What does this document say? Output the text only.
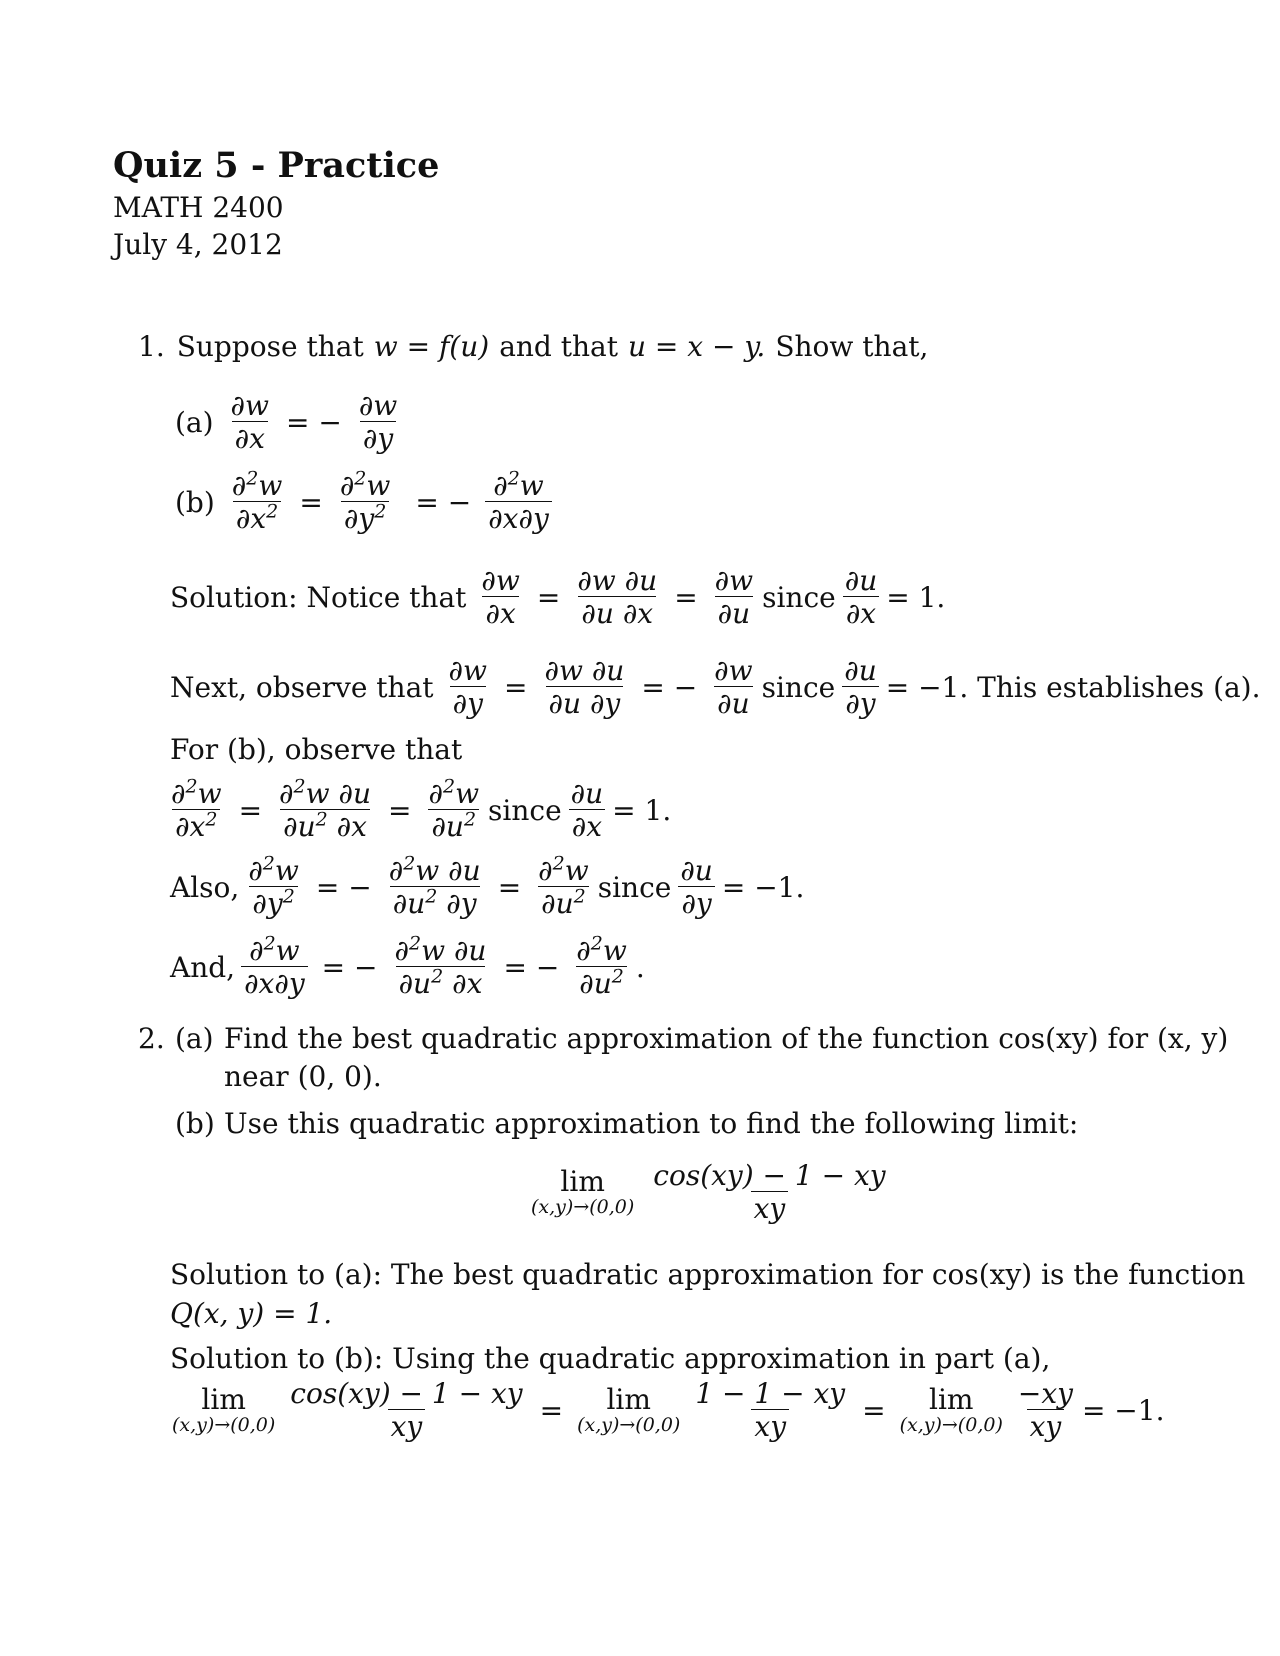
Quiz 5 - Practice
MATH 2400
July 4, 2012
1. Suppose that w = f(u) and that u = x − y. Show that,
$(a) \frac{\partial w}{\partial x}$ = − $\frac{\partial w}{\partial y}$
$(b) \frac{\partial^2w}{\partial x^2} = \frac{\partial^2w}{\partial y^2}$ = − $\frac{\partial^2w}{\partial x\partial y}$
Solution: Notice that $\frac{\partial w}{\partial x} = \frac{\partial w \partial u}{\partial u \partial x} = \frac{\partial w}{\partial u}$ since $\frac{\partial u}{\partial x} = 1$.
Next, observe that $\frac{\partial w}{\partial y} = \frac{\partial w \partial u}{\partial u \partial y}$ = − $\frac{\partial w}{\partial u}$ since $\frac{\partial u}{\partial y} = -1$. This establishes (a).
For (b), observe that
$\frac{\partial^2w}{\partial x^2} = \frac{\partial^2w \partial u}{\partial u^2 \partial x} = \frac{\partial^2w}{\partial u^2}$ since $\frac{\partial u}{\partial x} = 1$.
Also, $\frac{\partial^2w}{\partial y^2}$ = − $\frac{\partial^2w \partial u}{\partial u^2 \partial y} = \frac{\partial^2w}{\partial u^2}$ since $\frac{\partial u}{\partial y} = -1$.
And, $\frac{\partial^2w}{\partial x\partial y}$ = − $\frac{\partial^2w \partial u}{\partial u^2 \partial x}$ = − $\frac{\partial^2w}{\partial u^2}$ .
2. (a) Find the best quadratic approximation of the function cos(xy) for (x, y)
near (0, 0).
(b) Use this quadratic approximation to find the following limit:
lim
$(x,y)\to(0,0) \frac{\cos(xy) - 1 - xy}{xy}$
Solution to (a): The best quadratic approximation for cos(xy) is the function
Q(x, y) = 1.
Solution to (b): Using the quadratic approximation in part (a),
lim
$(x,y)\to(0,0) \frac{\cos(xy) - 1 - xy}{xy} = \lim$
$(x,y)\to(0,0) \frac{1 - 1 - xy}{xy} = \lim$
$(x,y)\to(0,0) \frac{-xy}{xy} = -1$.
